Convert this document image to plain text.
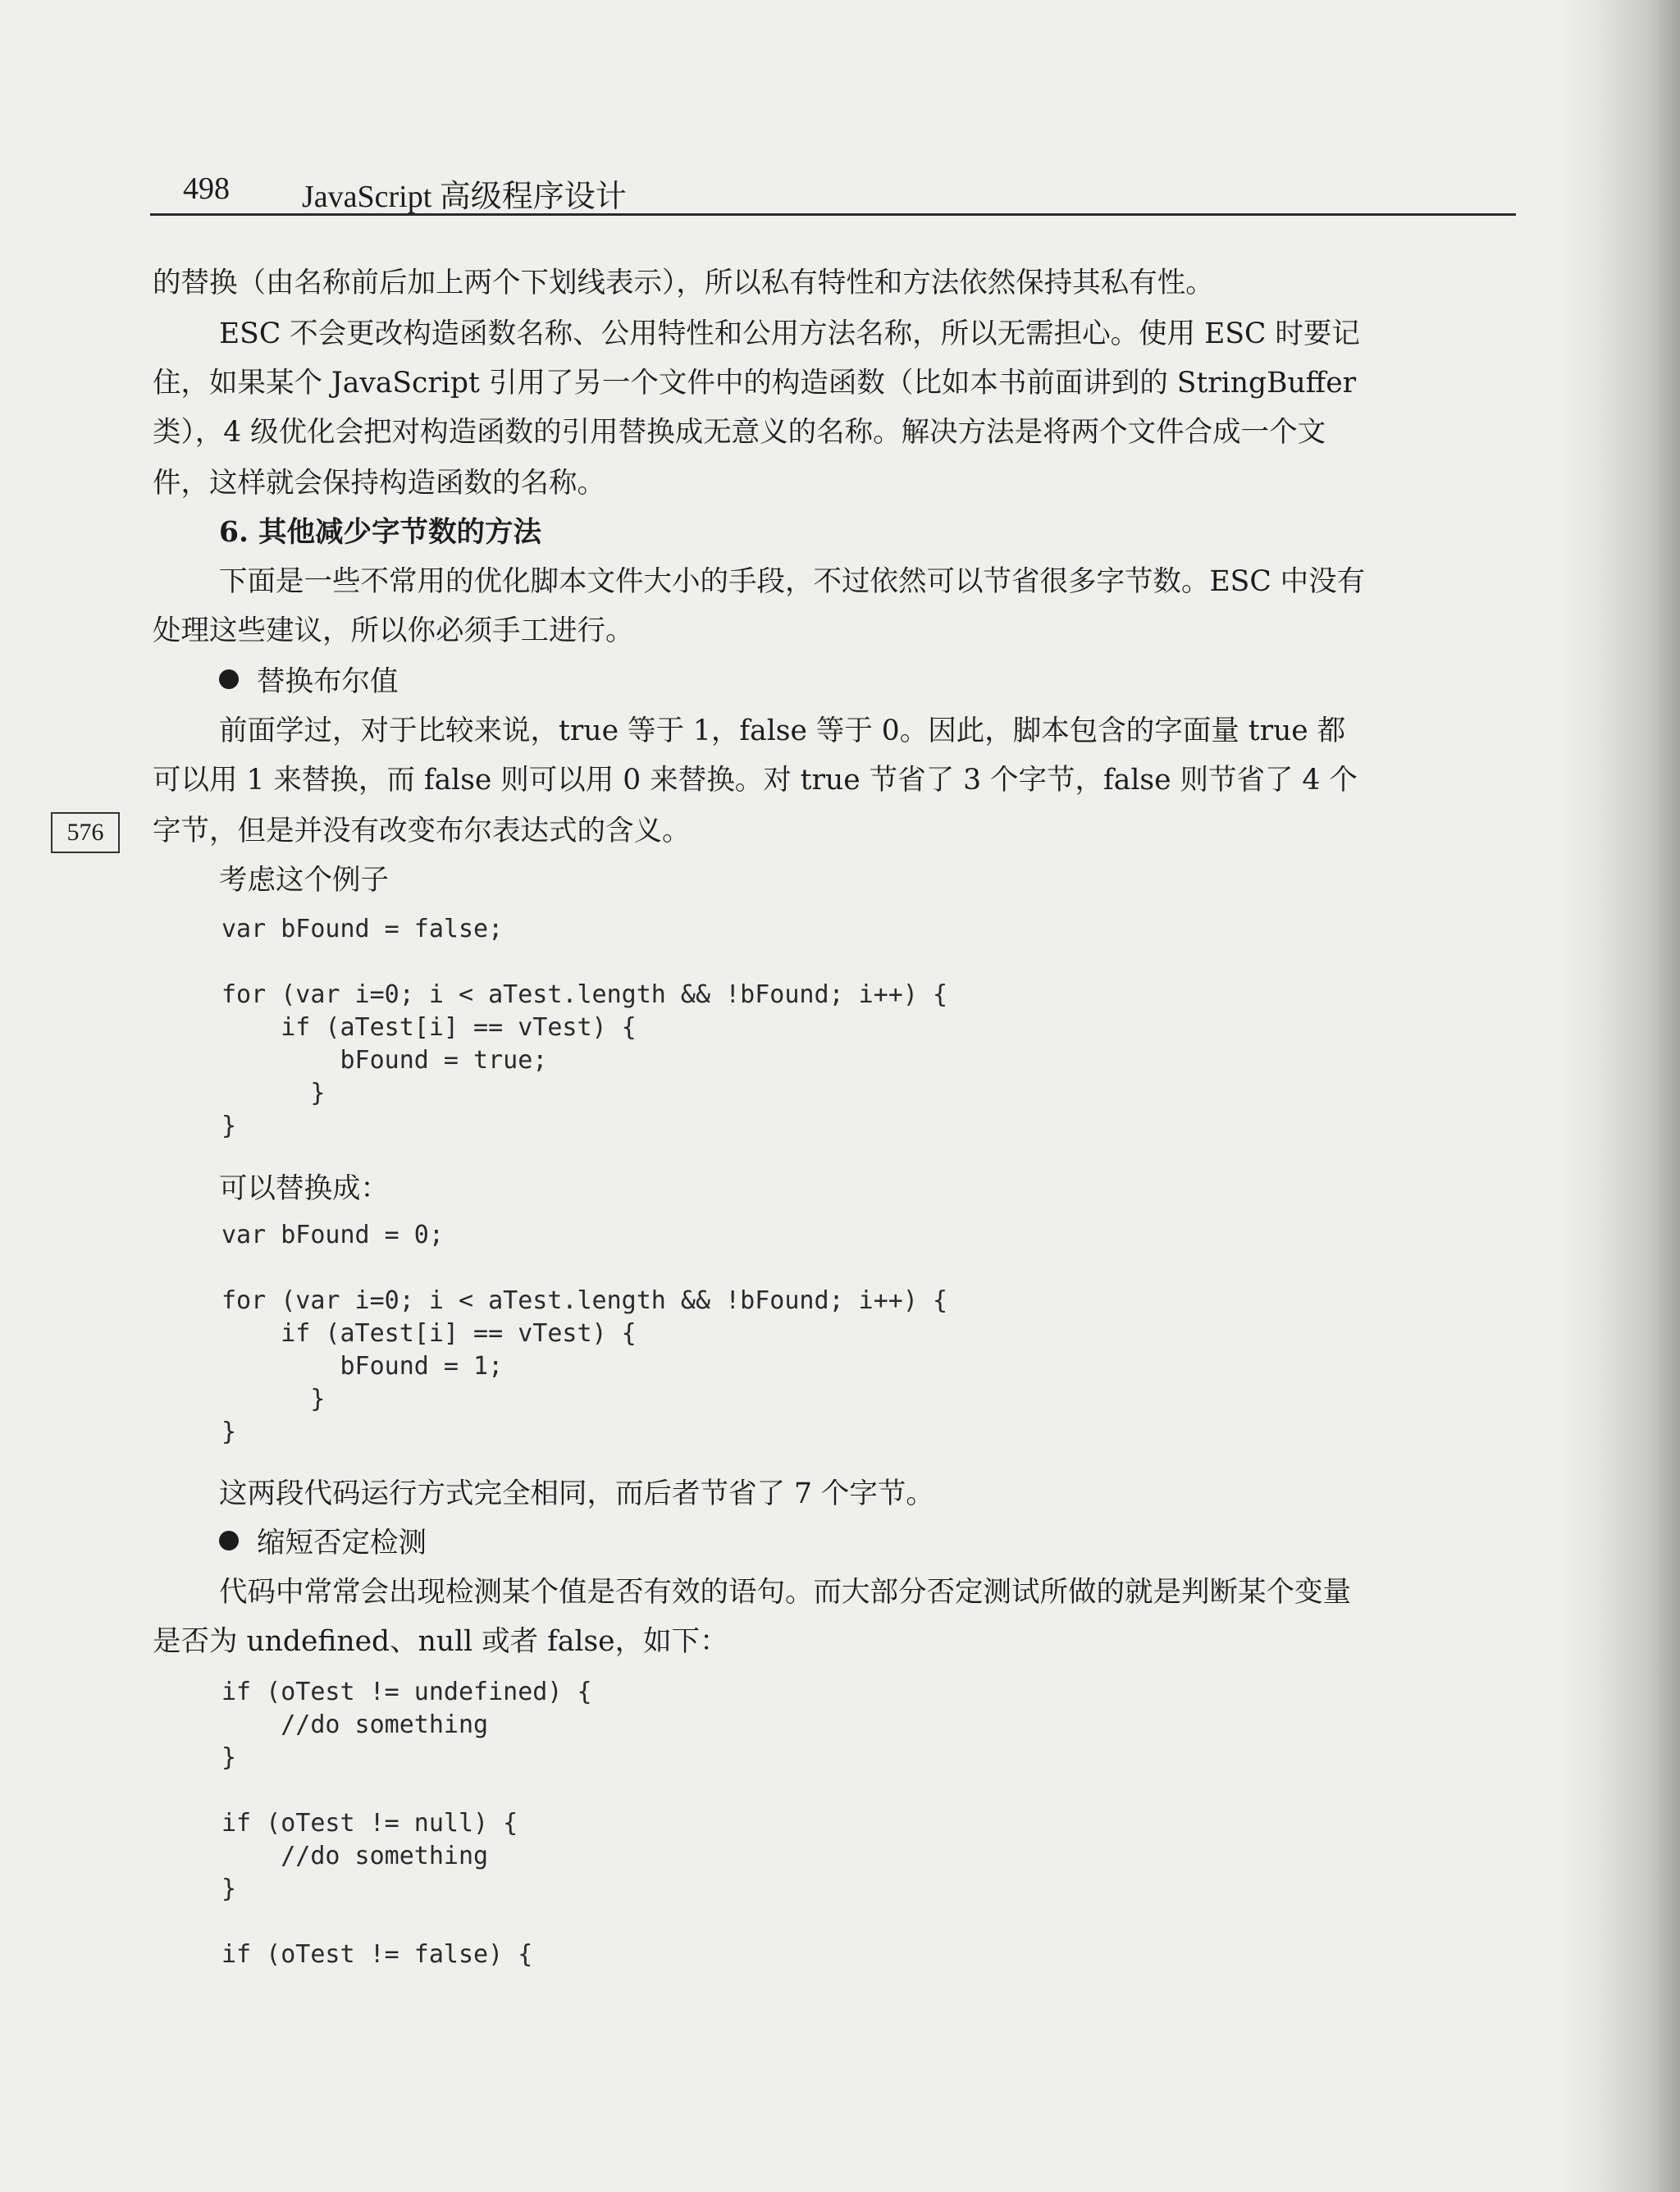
498 JavaScript 高级程序设计
576
的替换（由名称前后加上两个下划线表示），所以私有特性和方法依然保持其私有性。
ESC 不会更改构造函数名称、公用特性和公用方法名称，所以无需担心。使用 ESC 时要记
住，如果某个 JavaScript 引用了另一个文件中的构造函数（比如本书前面讲到的 StringBuffer
类），4 级优化会把对构造函数的引用替换成无意义的名称。解决方法是将两个文件合成一个文
件，这样就会保持构造函数的名称。
6. 其他减少字节数的方法
下面是一些不常用的优化脚本文件大小的手段，不过依然可以节省很多字节数。ESC 中没有
处理这些建议，所以你必须手工进行。
替换布尔值
前面学过，对于比较来说，true 等于 1，false 等于 0。因此，脚本包含的字面量 true 都
可以用 1 来替换，而 false 则可以用 0 来替换。对 true 节省了 3 个字节，false 则节省了 4 个
字节，但是并没有改变布尔表达式的含义。
考虑这个例子
var bFound = false;

for (var i=0; i < aTest.length && !bFound; i++) {
if (aTest[i] == vTest) {
bFound = true;
}
}
可以替换成：
var bFound = 0;

for (var i=0; i < aTest.length && !bFound; i++) {
if (aTest[i] == vTest) {
bFound = 1;
}
}
这两段代码运行方式完全相同，而后者节省了 7 个字节。
缩短否定检测
代码中常常会出现检测某个值是否有效的语句。而大部分否定测试所做的就是判断某个变量
是否为 undefined、null 或者 false，如下：
if (oTest != undefined) {
//do something
}

if (oTest != null) {
//do something
}

if (oTest != false) {
